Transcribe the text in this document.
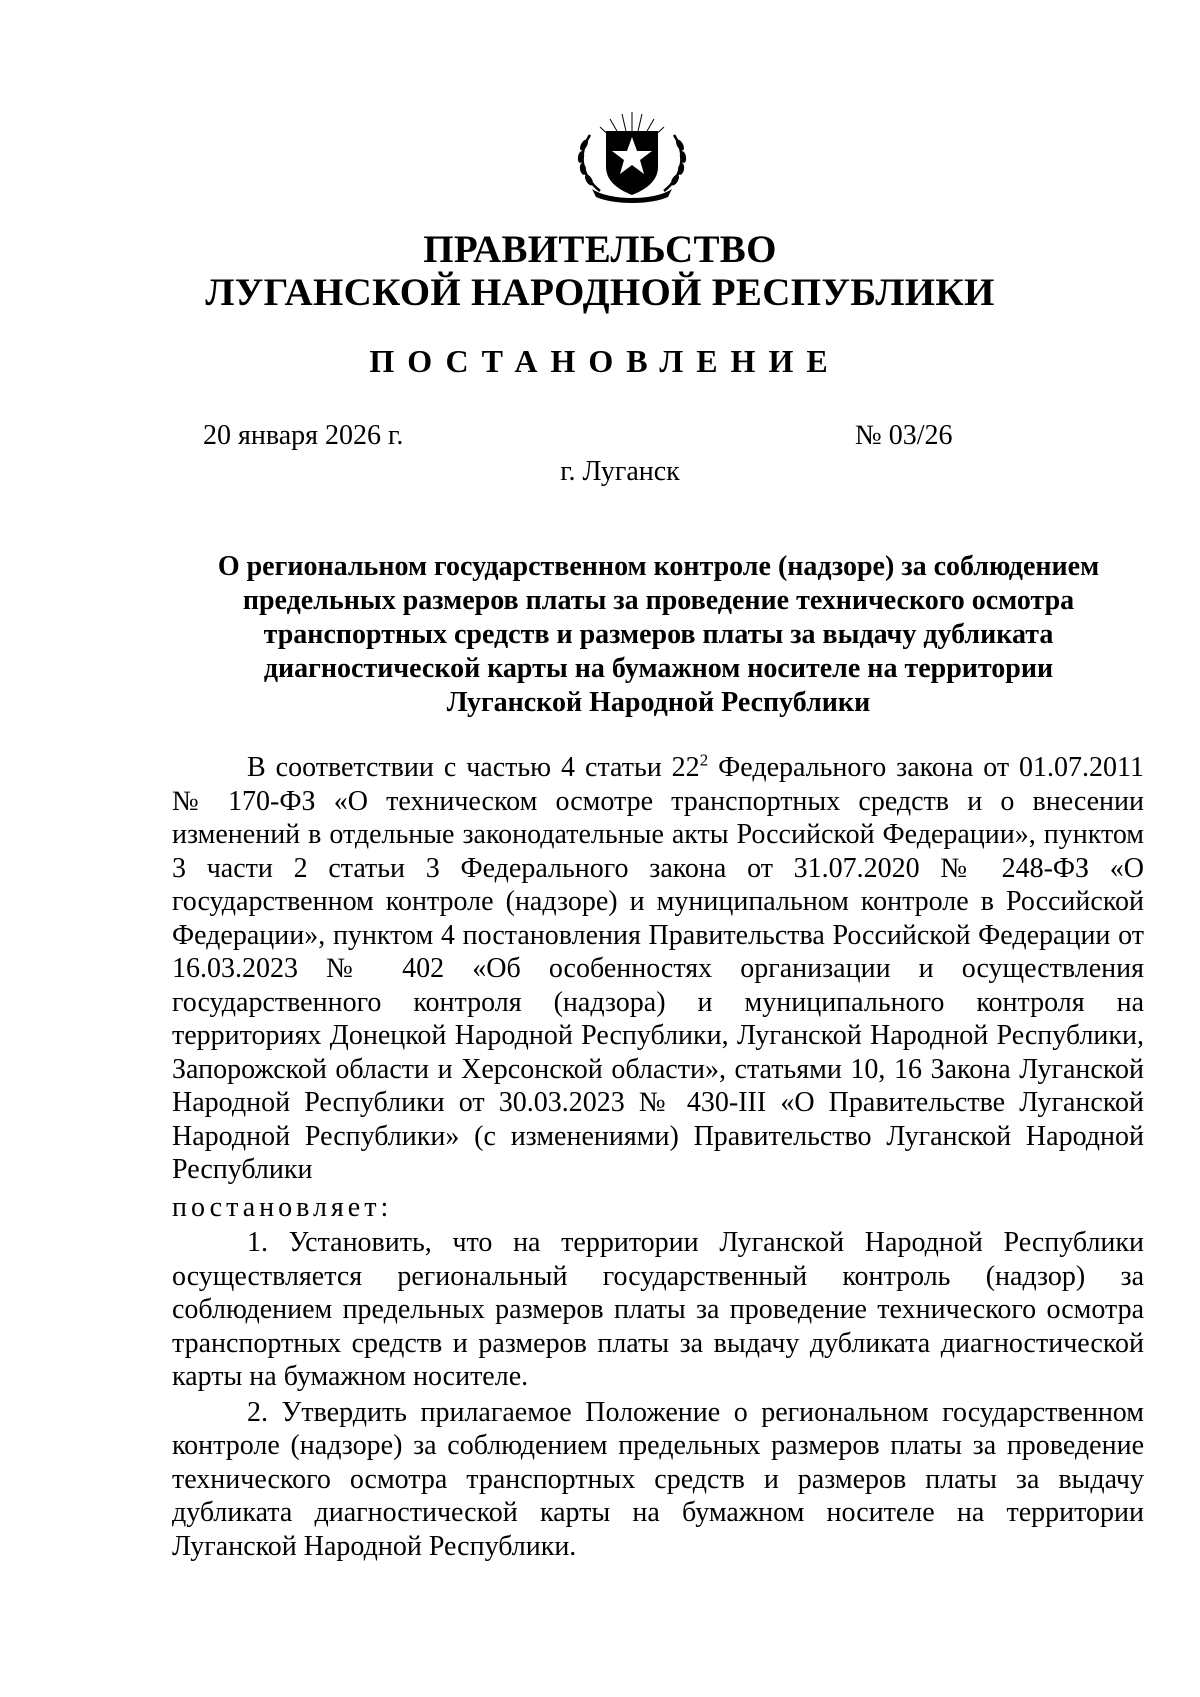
ПРАВИТЕЛЬСТВО
ЛУГАНСКОЙ НАРОДНОЙ РЕСПУБЛИКИ
ПОСТАНОВЛЕНИЕ
20 января 2026 г.	№ 03/26
г. Луганск
О региональном государственном контроле (надзоре) за соблюдением
предельных размеров платы за проведение технического осмотра
транспортных средств и размеров платы за выдачу дубликата
диагностической карты на бумажном носителе на территории
Луганской Народной Республики

В соответствии с частью 4 статьи $22^2$ Федерального закона от 01.07.2011 № 170-ФЗ «О техническом осмотре транспортных средств и о внесении изменений в отдельные законодательные акты Российской Федерации», пунктом 3 части 2 статьи 3 Федерального закона от 31.07.2020 № 248-ФЗ «О государственном контроле (надзоре) и муниципальном контроле в Российской Федерации», пунктом 4 постановления Правительства Российской Федерации от 16.03.2023 № 402 «Об особенностях организации и осуществления государственного контроля (надзора) и муниципального контроля на территориях Донецкой Народной Республики, Луганской Народной Республики, Запорожской области и Херсонской области», статьями 10, 16 Закона Луганской Народной Республики от 30.03.2023 № 430-III «О Правительстве Луганской Народной Республики» (с изменениями) Правительство Луганской Народной Республики

постановляет:

1. Установить, что на территории Луганской Народной Республики осуществляется региональный государственный контроль (надзор) за соблюдением предельных размеров платы за проведение технического осмотра транспортных средств и размеров платы за выдачу дубликата диагностической карты на бумажном носителе.

2. Утвердить прилагаемое Положение о региональном государственном контроле (надзоре) за соблюдением предельных размеров платы за проведение технического осмотра транспортных средств и размеров платы за выдачу дубликата диагностической карты на бумажном носителе на территории Луганской Народной Республики.
